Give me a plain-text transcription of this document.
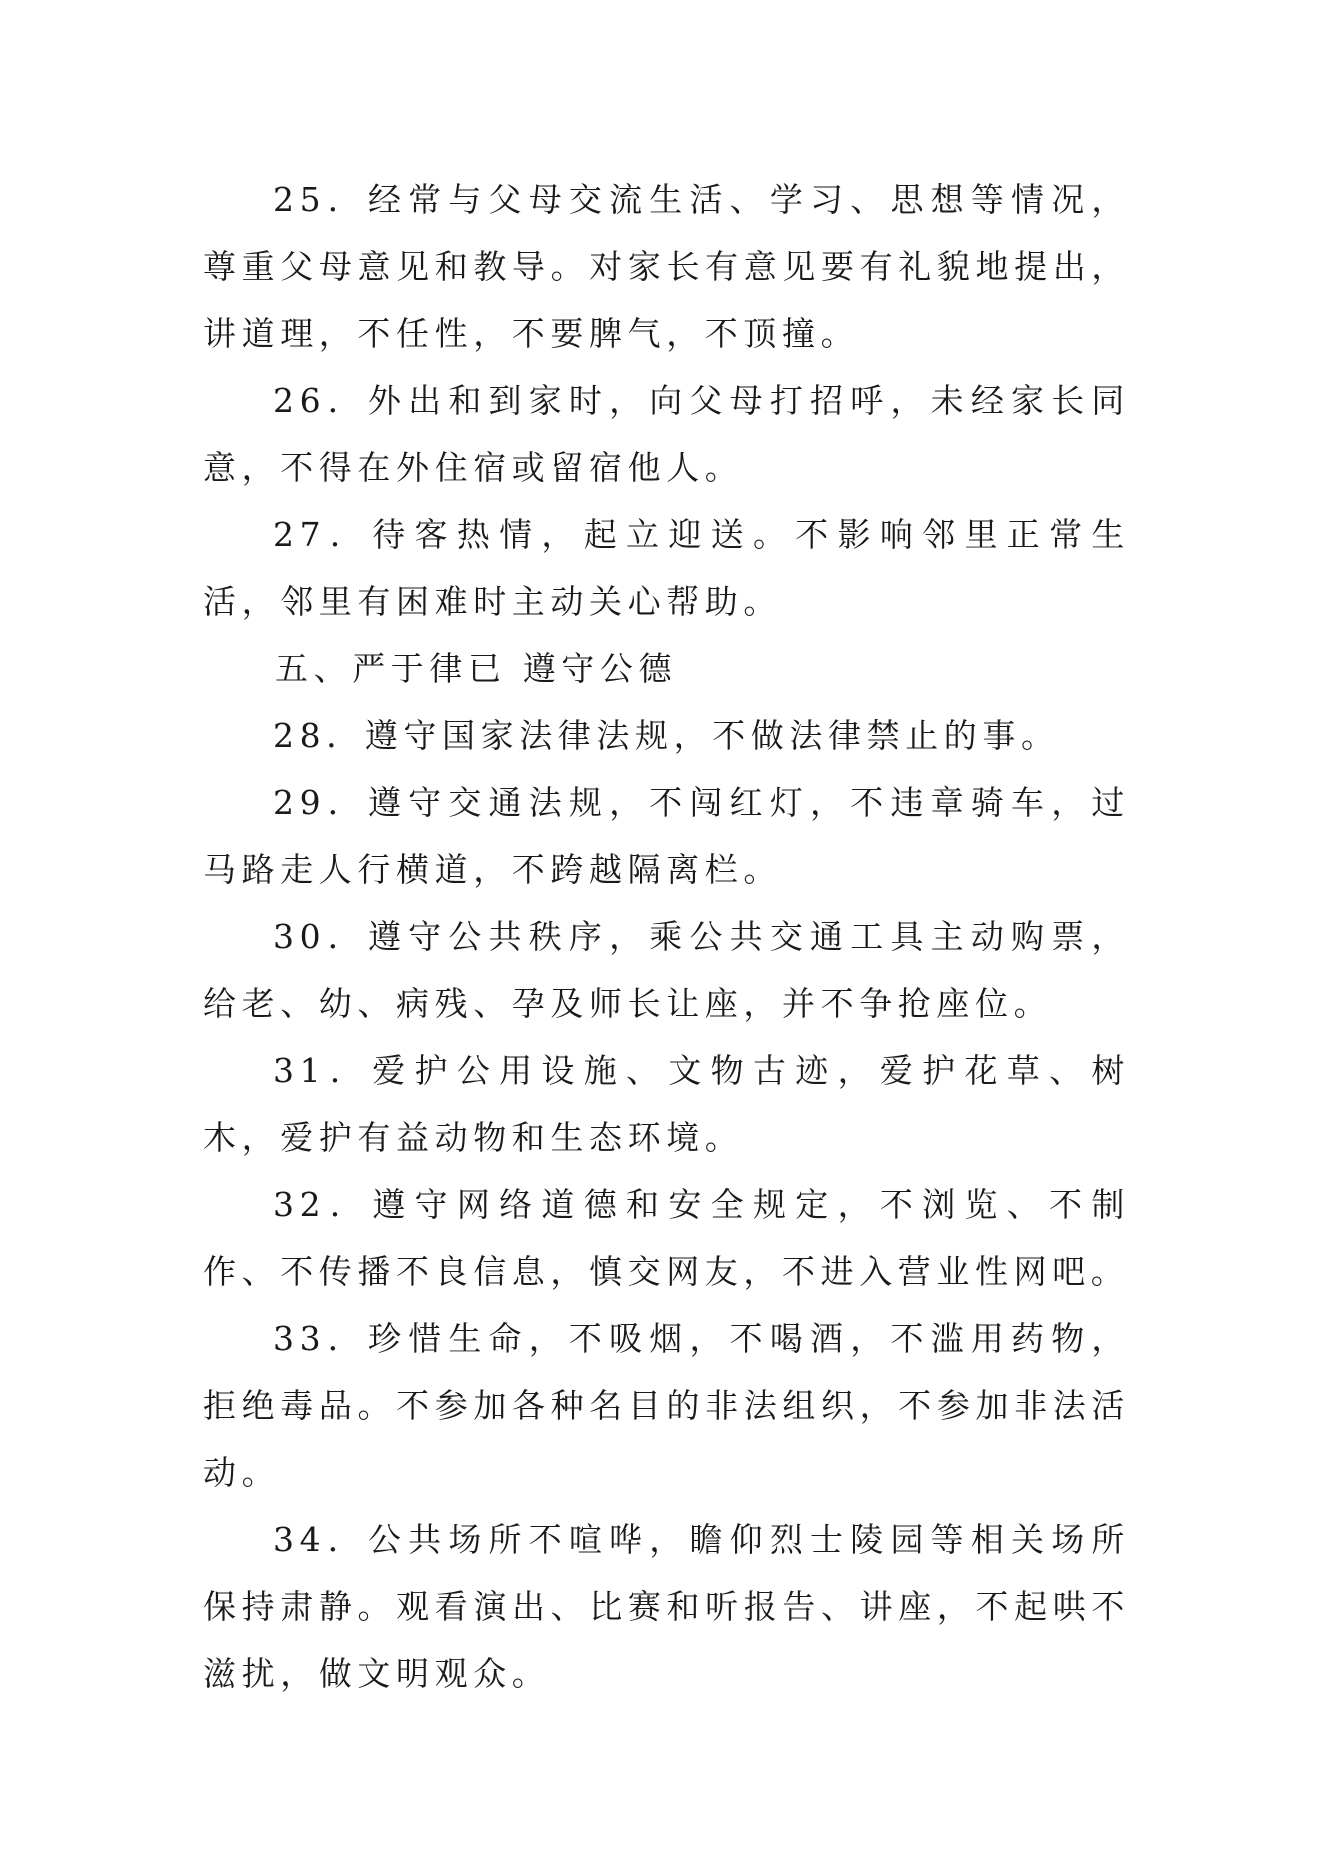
25．经常与父母交流生活、学习、思想等情况，尊重父母意见和教导。对家长有意见要有礼貌地提出，讲道理，不任性，不要脾气，不顶撞。

26．外出和到家时，向父母打招呼，未经家长同意，不得在外住宿或留宿他人。

27．待客热情，起立迎送。不影响邻里正常生活，邻里有困难时主动关心帮助。

五、严于律已 遵守公德

28．遵守国家法律法规，不做法律禁止的事。

29．遵守交通法规，不闯红灯，不违章骑车，过马路走人行横道，不跨越隔离栏。

30．遵守公共秩序，乘公共交通工具主动购票，给老、幼、病残、孕及师长让座，并不争抢座位。

31．爱护公用设施、文物古迹，爱护花草、树木，爱护有益动物和生态环境。

32．遵守网络道德和安全规定，不浏览、不制作、不传播不良信息，慎交网友，不进入营业性网吧。

33．珍惜生命，不吸烟，不喝酒，不滥用药物，拒绝毒品。不参加各种名目的非法组织，不参加非法活动。

34．公共场所不喧哗，瞻仰烈士陵园等相关场所保持肃静。观看演出、比赛和听报告、讲座，不起哄不滋扰，做文明观众。
